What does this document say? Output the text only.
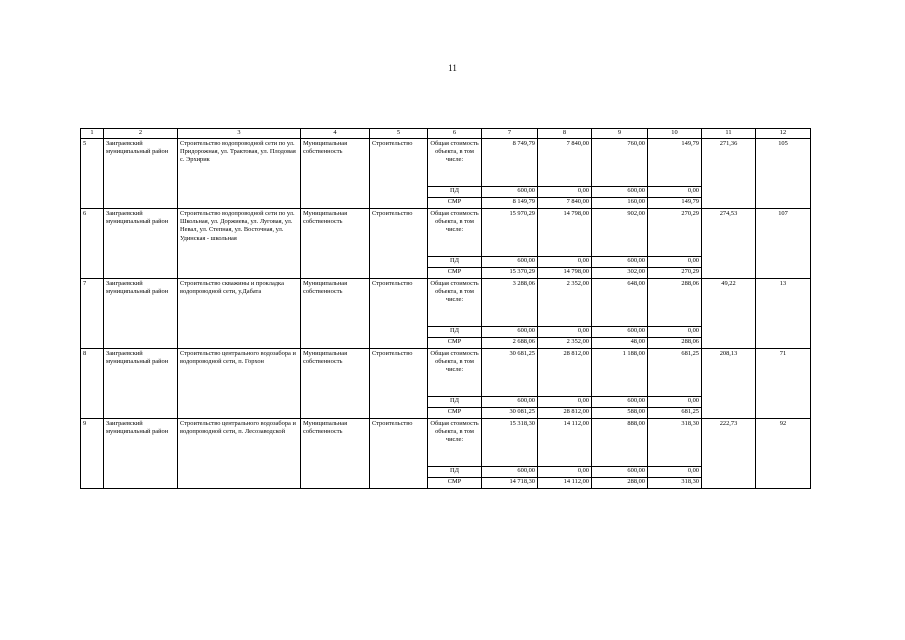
11
1	2	3	4	5	6	7	8	9	10	11	12
5	Заиграевский муниципальный район	Строительство водопроводной сети по ул. Придорожная, ул. Трактовая, ул. Плодовая с. Эрхирик	Муниципальная собственность	Строительство	Общая стоимость объекта, в том числе:	8 749,79	7 840,00	760,00	149,79	271,36	105
					ПД	600,00	0,00	600,00	0,00		
					СМР	8 149,79	7 840,00	160,00	149,79		
6	Заиграевский муниципальный район	Строительство водопроводной сети по ул. Школьная, ул. Доржиева, ул. Луговая, ул. Невал, ул. Степная, ул. Восточная, ул. Удинская - школьная	Муниципальная собственность	Строительство	Общая стоимость объекта, в том числе:	15 970,29	14 798,00	902,00	270,29	274,53	107
					ПД	600,00	0,00	600,00	0,00		
					СМР	15 370,29	14 798,00	302,00	270,29		
7	Заиграевский муниципальный район	Строительство скважины и прокладка водопроводной сети, у.Дабата	Муниципальная собственность	Строительство	Общая стоимость объекта, в том числе:	3 288,06	2 352,00	648,00	288,06	49,22	13
					ПД	600,00	0,00	600,00	0,00		
					СМР	2 688,06	2 352,00	48,00	288,06		
8	Заиграевский муниципальный район	Строительство центрального водозабора и водопроводной сети, п. Горхон	Муниципальная собственность	Строительство	Общая стоимость объекта, в том числе:	30 681,25	28 812,00	1 188,00	681,25	208,13	71
					ПД	600,00	0,00	600,00	0,00		
					СМР	30 081,25	28 812,00	588,00	681,25		
9	Заиграевский муниципальный район	Строительство центрального водозабора и водопроводной сети, п. Лесозаводской	Муниципальная собственность	Строительство	Общая стоимость объекта, в том числе:	15 318,30	14 112,00	888,00	318,30	222,73	92
					ПД	600,00	0,00	600,00	0,00		
					СМР	14 718,30	14 112,00	288,00	318,30		
